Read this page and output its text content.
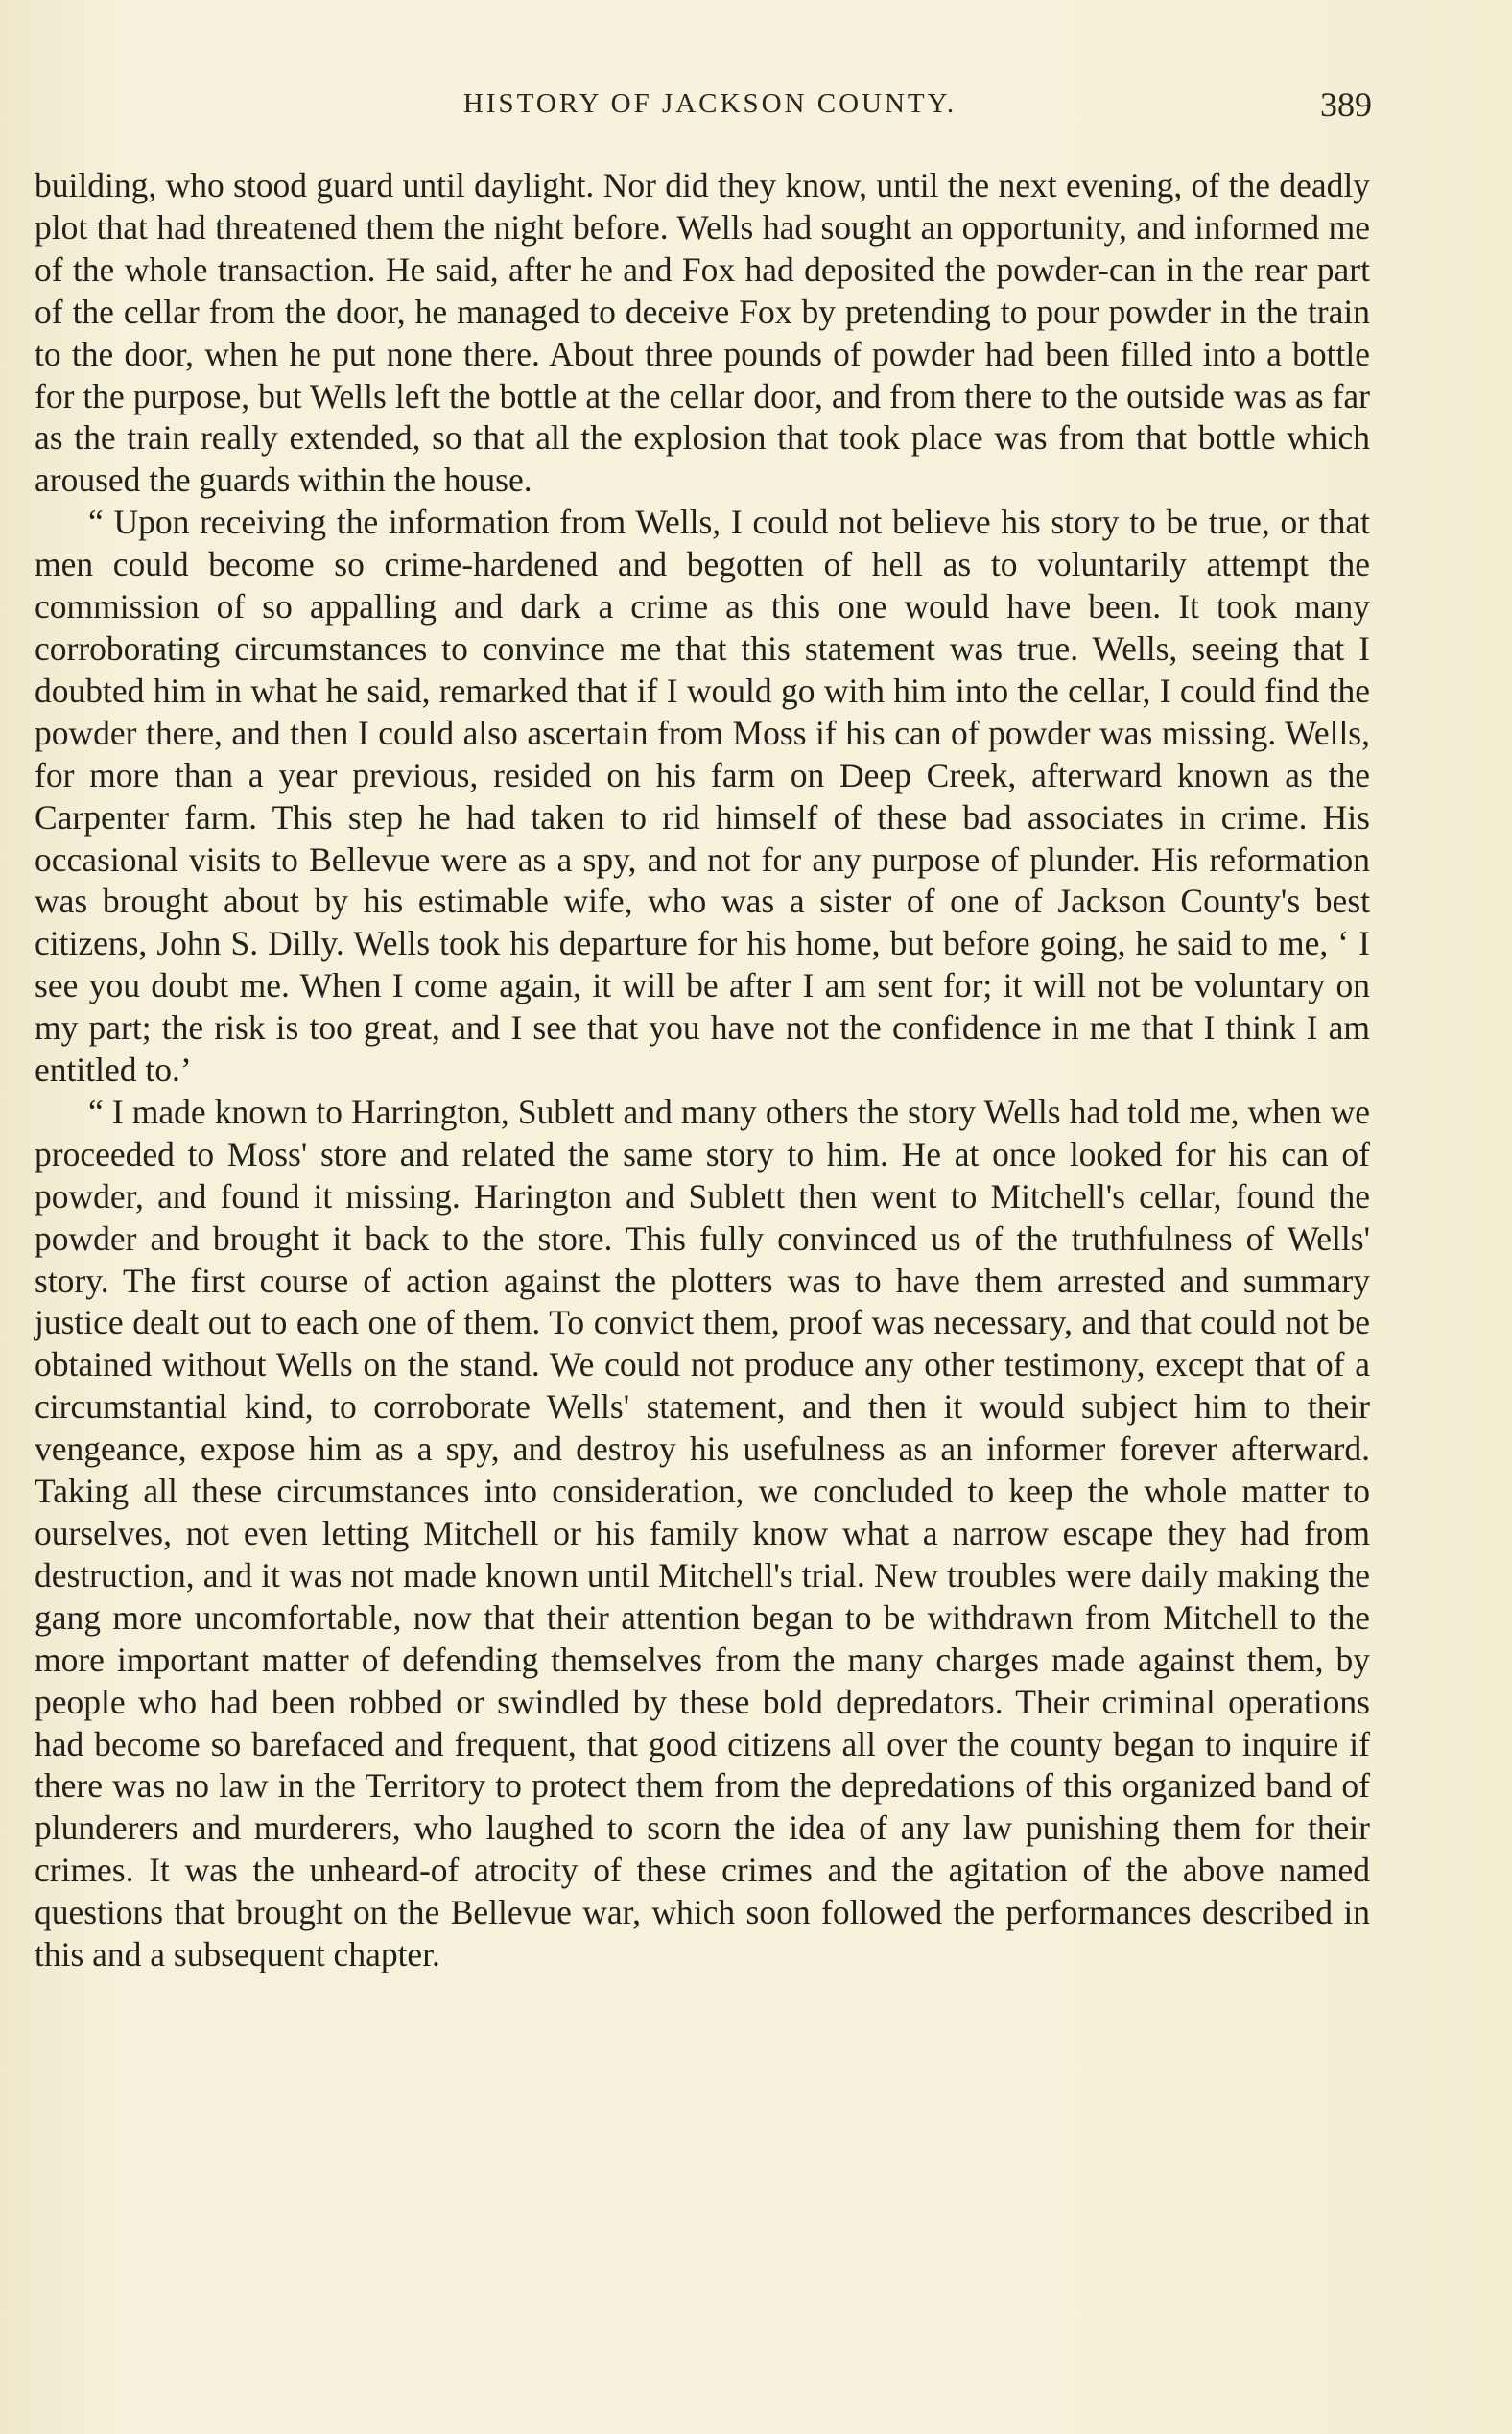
HISTORY OF JACKSON COUNTY.	389

building, who stood guard until daylight. Nor did they know, until the next evening, of the deadly plot that had threatened them the night before. Wells had sought an opportunity, and informed me of the whole transaction. He said, after he and Fox had deposited the powder-can in the rear part of the cellar from the door, he managed to deceive Fox by pretending to pour powder in the train to the door, when he put none there. About three pounds of powder had been filled into a bottle for the purpose, but Wells left the bottle at the cellar door, and from there to the outside was as far as the train really extended, so that all the explosion that took place was from that bottle which aroused the guards within the house.

“ Upon receiving the information from Wells, I could not believe his story to be true, or that men could become so crime-hardened and begotten of hell as to voluntarily attempt the commission of so appalling and dark a crime as this one would have been. It took many corroborating circumstances to convince me that this statement was true. Wells, seeing that I doubted him in what he said, remarked that if I would go with him into the cellar, I could find the powder there, and then I could also ascertain from Moss if his can of powder was missing. Wells, for more than a year previous, resided on his farm on Deep Creek, afterward known as the Carpenter farm. This step he had taken to rid himself of these bad associates in crime. His occasional visits to Bellevue were as a spy, and not for any purpose of plunder. His reformation was brought about by his estimable wife, who was a sister of one of Jackson County's best citizens, John S. Dilly. Wells took his departure for his home, but before going, he said to me, ‘ I see you doubt me. When I come again, it will be after I am sent for; it will not be voluntary on my part; the risk is too great, and I see that you have not the confidence in me that I think I am entitled to.’

“ I made known to Harrington, Sublett and many others the story Wells had told me, when we proceeded to Moss' store and related the same story to him. He at once looked for his can of powder, and found it missing. Harington and Sublett then went to Mitchell's cellar, found the powder and brought it back to the store. This fully convinced us of the truthfulness of Wells' story. The first course of action against the plotters was to have them arrested and summary justice dealt out to each one of them. To convict them, proof was necessary, and that could not be obtained without Wells on the stand. We could not produce any other testimony, except that of a circumstantial kind, to corroborate Wells' statement, and then it would subject him to their vengeance, expose him as a spy, and destroy his usefulness as an informer forever afterward. Taking all these circumstances into consideration, we concluded to keep the whole matter to ourselves, not even letting Mitchell or his family know what a narrow escape they had from destruction, and it was not made known until Mitchell's trial. New troubles were daily making the gang more uncomfortable, now that their attention began to be withdrawn from Mitchell to the more important matter of defending themselves from the many charges made against them, by people who had been robbed or swindled by these bold depredators. Their criminal operations had become so barefaced and frequent, that good citizens all over the county began to inquire if there was no law in the Territory to protect them from the depredations of this organized band of plunderers and murderers, who laughed to scorn the idea of any law punishing them for their crimes. It was the unheard-of atrocity of these crimes and the agitation of the above named questions that brought on the Bellevue war, which soon followed the performances described in this and a subsequent chapter.
